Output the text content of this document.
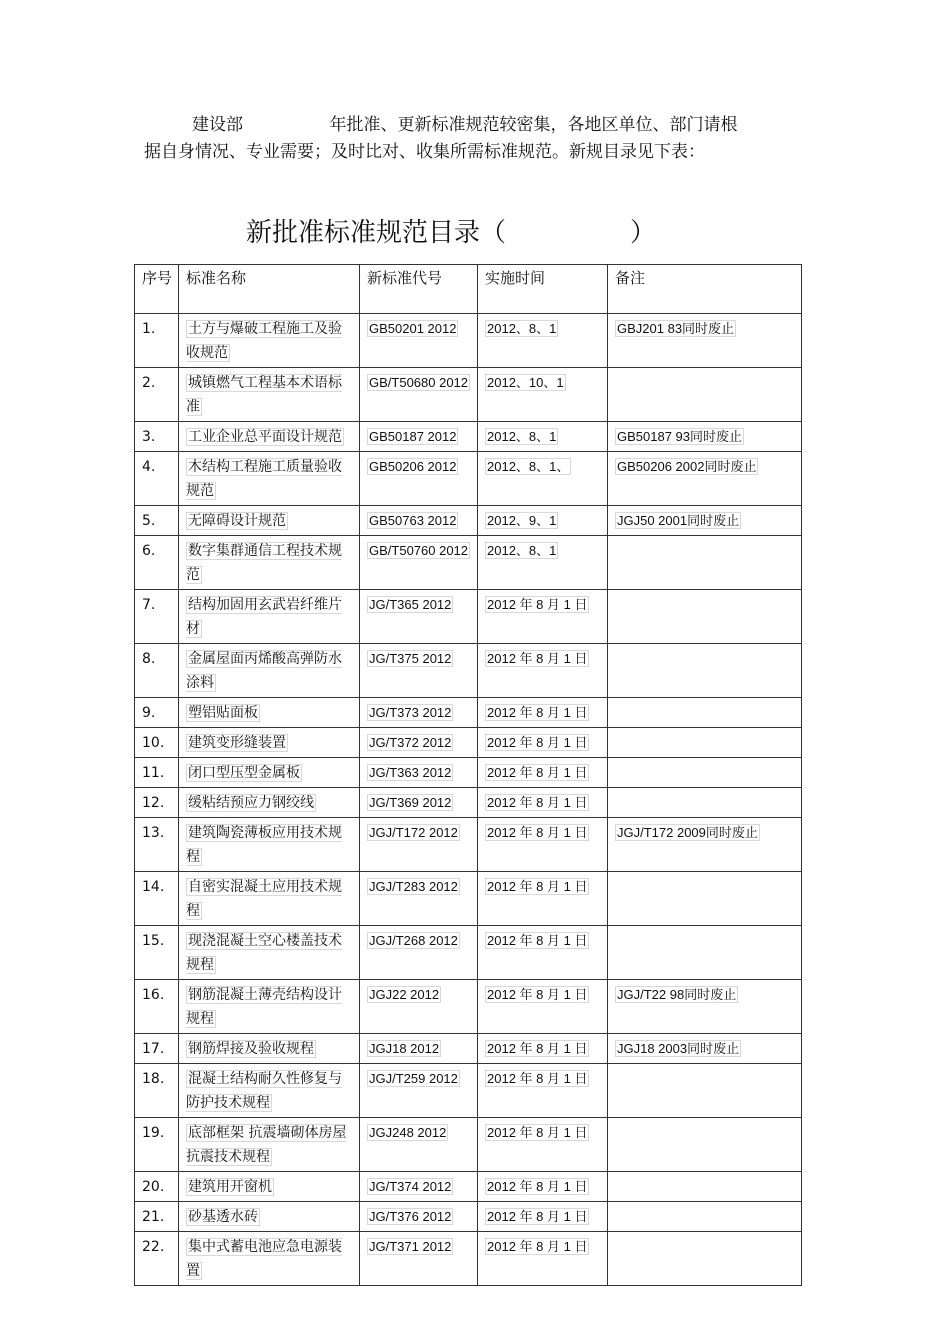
建设部                年批准、更新标准规范较密集，各地区单位、部门请根
据自身情况、专业需要；及时比对、收集所需标准规范。新规目录见下表：

新批准标准规范目录（               ）
序号	标准名称	新标准代号	实施时间	备注
1.	土方与爆破工程施工及验收规范	GB50201 2012	2012、8、1	GBJ201 83同时废止
2.	城镇燃气工程基本术语标准	GB/T50680 2012	2012、10、1	
3.	工业企业总平面设计规范	GB50187 2012	2012、8、1	GB50187 93同时废止
4.	木结构工程施工质量验收规范	GB50206 2012	2012、8、1、	GB50206 2002同时废止
5.	无障碍设计规范	GB50763 2012	2012、9、1	JGJ50 2001同时废止
6.	数字集群通信工程技术规范	GB/T50760 2012	2012、8、1	
7.	结构加固用玄武岩纤维片材	JG/T365 2012	2012 年 8 月 1 日	
8.	金属屋面丙烯酸高弹防水涂料	JG/T375 2012	2012 年 8 月 1 日	
9.	塑铝贴面板	JG/T373 2012	2012 年 8 月 1 日	
10.	建筑变形缝装置	JG/T372 2012	2012 年 8 月 1 日	
11.	闭口型压型金属板	JG/T363 2012	2012 年 8 月 1 日	
12.	缓粘结预应力钢绞线	JG/T369 2012	2012 年 8 月 1 日	
13.	建筑陶瓷薄板应用技术规程	JGJ/T172 2012	2012 年 8 月 1 日	JGJ/T172 2009同时废止
14.	自密实混凝土应用技术规程	JGJ/T283 2012	2012 年 8 月 1 日	
15.	现浇混凝土空心楼盖技术规程	JGJ/T268 2012	2012 年 8 月 1 日	
16.	钢筋混凝土薄壳结构设计规程	JGJ22 2012	2012 年 8 月 1 日	JGJ/T22 98同时废止
17.	钢筋焊接及验收规程	JGJ18 2012	2012 年 8 月 1 日	JGJ18 2003同时废止
18.	混凝土结构耐久性修复与防护技术规程	JGJ/T259 2012	2012 年 8 月 1 日	
19.	底部框架 抗震墙砌体房屋抗震技术规程	JGJ248 2012	2012 年 8 月 1 日	
20.	建筑用开窗机	JG/T374 2012	2012 年 8 月 1 日	
21.	砂基透水砖	JG/T376 2012	2012 年 8 月 1 日	
22.	集中式蓄电池应急电源装置	JG/T371 2012	2012 年 8 月 1 日	
